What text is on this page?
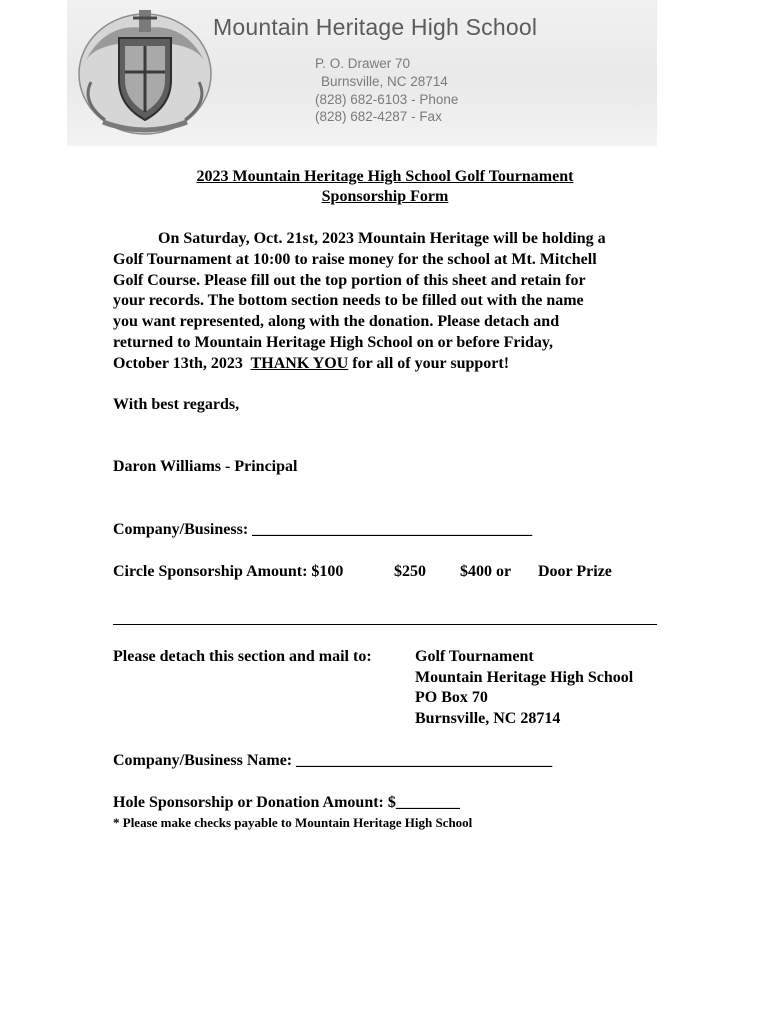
Mountain Heritage High School
P. O. Drawer 70
Burnsville, NC 28714
(828) 682-6103 - Phone
(828) 682-4287 - Fax
2023 Mountain Heritage High School Golf Tournament
Sponsorship Form

On Saturday, Oct. 21st, 2023 Mountain Heritage will be holding a
Golf Tournament at 10:00 to raise money for the school at Mt. Mitchell
Golf Course. Please fill out the top portion of this sheet and retain for
your records. The bottom section needs to be filled out with the name
you want represented, along with the donation. Please detach and
returned to Mountain Heritage High School on or before Friday,
October 13th, 2023  THANK YOU for all of your support!

With best regards,
Daron Williams - Principal
Company/Business: ___________________________________
Circle Sponsorship Amount: $100	$250 $400 or Door Prize
Please detach this section and mail to:	Golf Tournament
Mountain Heritage High School
PO Box 70
Burnsville, NC 28714
Company/Business Name: ________________________________
Hole Sponsorship or Donation Amount: $________
* Please make checks payable to Mountain Heritage High School
